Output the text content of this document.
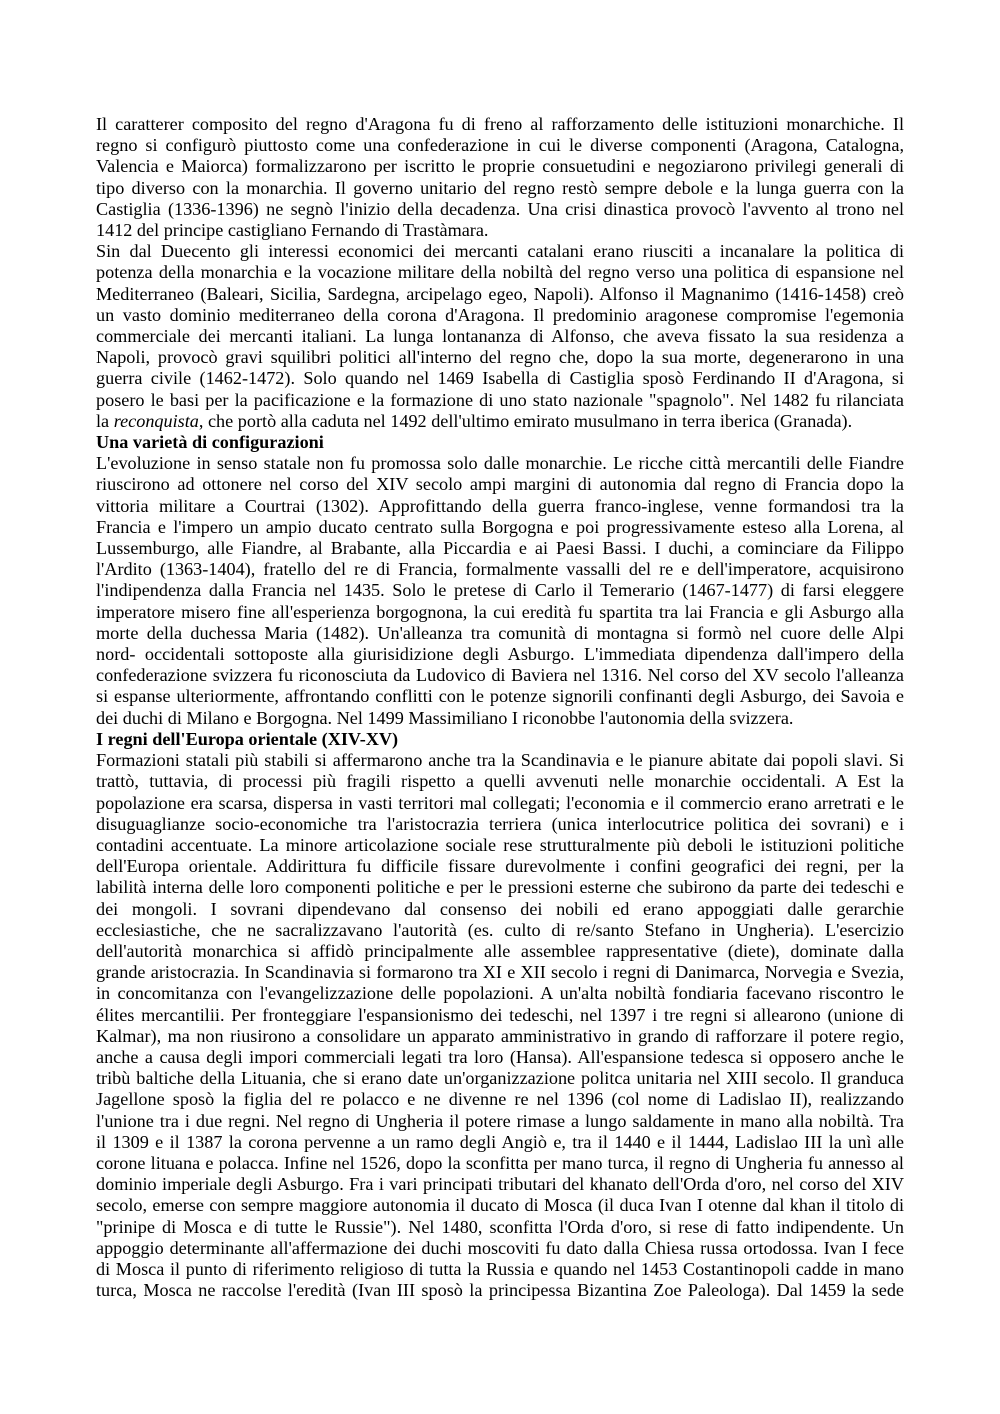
Il caratterer composito del regno d'Aragona fu di freno al rafforzamento delle istituzioni monarchiche. Il
regno si configurò piuttosto come una confederazione in cui le diverse componenti (Aragona, Catalogna,
Valencia e Maiorca) formalizzarono per iscritto le proprie consuetudini e negoziarono privilegi generali di
tipo diverso con la monarchia. Il governo unitario del regno restò sempre debole e la lunga guerra con la
Castiglia (1336-1396) ne segnò l'inizio della decadenza. Una crisi dinastica provocò l'avvento al trono nel
1412 del principe castigliano Fernando di Trastàmara.
Sin dal Duecento gli interessi economici dei mercanti catalani erano riusciti a incanalare la politica di
potenza della monarchia e la vocazione militare della nobiltà del regno verso una politica di espansione nel
Mediterraneo (Baleari, Sicilia, Sardegna, arcipelago egeo, Napoli). Alfonso il Magnanimo (1416-1458) creò
un vasto dominio mediterraneo della corona d'Aragona. Il predominio aragonese compromise l'egemonia
commerciale dei mercanti italiani. La lunga lontananza di Alfonso, che aveva fissato la sua residenza a
Napoli, provocò gravi squilibri politici all'interno del regno che, dopo la sua morte, degenerarono in una
guerra civile (1462-1472). Solo quando nel 1469 Isabella di Castiglia sposò Ferdinando II d'Aragona, si
posero le basi per la pacificazione e la formazione di uno stato nazionale "spagnolo". Nel 1482 fu rilanciata
la reconquista, che portò alla caduta nel 1492 dell'ultimo emirato musulmano in terra iberica (Granada).
Una varietà di configurazioni
L'evoluzione in senso statale non fu promossa solo dalle monarchie. Le ricche città mercantili delle Fiandre
riuscirono ad ottonere nel corso del XIV secolo ampi margini di autonomia dal regno di Francia dopo la
vittoria militare a Courtrai (1302). Approfittando della guerra franco-inglese, venne formandosi tra la
Francia e l'impero un ampio ducato centrato sulla Borgogna e poi progressivamente esteso alla Lorena, al
Lussemburgo, alle Fiandre, al Brabante, alla Piccardia e ai Paesi Bassi. I duchi, a cominciare da Filippo
l'Ardito (1363-1404), fratello del re di Francia, formalmente vassalli del re e dell'imperatore, acquisirono
l'indipendenza dalla Francia nel 1435. Solo le pretese di Carlo il Temerario (1467-1477) di farsi eleggere
imperatore misero fine all'esperienza borgognona, la cui eredità fu spartita tra lai Francia e gli Asburgo alla
morte della duchessa Maria (1482). Un'alleanza tra comunità di montagna si formò nel cuore delle Alpi
nord- occidentali sottoposte alla giurisidizione degli Asburgo. L'immediata dipendenza dall'impero della
confederazione svizzera fu riconosciuta da Ludovico di Baviera nel 1316. Nel corso del XV secolo l'alleanza
si espanse ulteriormente, affrontando conflitti con le potenze signorili confinanti degli Asburgo, dei Savoia e
dei duchi di Milano e Borgogna. Nel 1499 Massimiliano I riconobbe l'autonomia della svizzera.
I regni dell'Europa orientale (XIV-XV)
Formazioni statali più stabili si affermarono anche tra la Scandinavia e le pianure abitate dai popoli slavi. Si
trattò, tuttavia, di processi più fragili rispetto a quelli avvenuti nelle monarchie occidentali. A Est la
popolazione era scarsa, dispersa in vasti territori mal collegati; l'economia e il commercio erano arretrati e le
disuguaglianze socio-economiche tra l'aristocrazia terriera (unica interlocutrice politica dei sovrani) e i
contadini accentuate. La minore articolazione sociale rese strutturalmente più deboli le istituzioni politiche
dell'Europa orientale. Addirittura fu difficile fissare durevolmente i confini geografici dei regni, per la
labilità interna delle loro componenti politiche e per le pressioni esterne che subirono da parte dei tedeschi e
dei mongoli. I sovrani dipendevano dal consenso dei nobili ed erano appoggiati dalle gerarchie
ecclesiastiche, che ne sacralizzavano l'autorità (es. culto di re/santo Stefano in Ungheria). L'esercizio
dell'autorità monarchica si affidò principalmente alle assemblee rappresentative (diete), dominate dalla
grande aristocrazia. In Scandinavia si formarono tra XI e XII secolo i regni di Danimarca, Norvegia e Svezia,
in concomitanza con l'evangelizzazione delle popolazioni. A un'alta nobiltà fondiaria facevano riscontro le
élites mercantilii. Per fronteggiare l'espansionismo dei tedeschi, nel 1397 i tre regni si allearono (unione di
Kalmar), ma non riusirono a consolidare un apparato amministrativo in grando di rafforzare il potere regio,
anche a causa degli impori commerciali legati tra loro (Hansa). All'espansione tedesca si opposero anche le
tribù baltiche della Lituania, che si erano date un'organizzazione politca unitaria nel XIII secolo. Il granduca
Jagellone sposò la figlia del re polacco e ne divenne re nel 1396 (col nome di Ladislao II), realizzando
l'unione tra i due regni. Nel regno di Ungheria il potere rimase a lungo saldamente in mano alla nobiltà. Tra
il 1309 e il 1387 la corona pervenne a un ramo degli Angiò e, tra il 1440 e il 1444, Ladislao III la unì alle
corone lituana e polacca. Infine nel 1526, dopo la sconfitta per mano turca, il regno di Ungheria fu annesso al
dominio imperiale degli Asburgo. Fra i vari principati tributari del khanato dell'Orda d'oro, nel corso del XIV
secolo, emerse con sempre maggiore autonomia il ducato di Mosca (il duca Ivan I otenne dal khan il titolo di
"prinipe di Mosca e di tutte le Russie"). Nel 1480, sconfitta l'Orda d'oro, si rese di fatto indipendente. Un
appoggio determinante all'affermazione dei duchi moscoviti fu dato dalla Chiesa russa ortodossa. Ivan I fece
di Mosca il punto di riferimento religioso di tutta la Russia e quando nel 1453 Costantinopoli cadde in mano
turca, Mosca ne raccolse l'eredità (Ivan III sposò la principessa Bizantina Zoe Paleologa). Dal 1459 la sede
